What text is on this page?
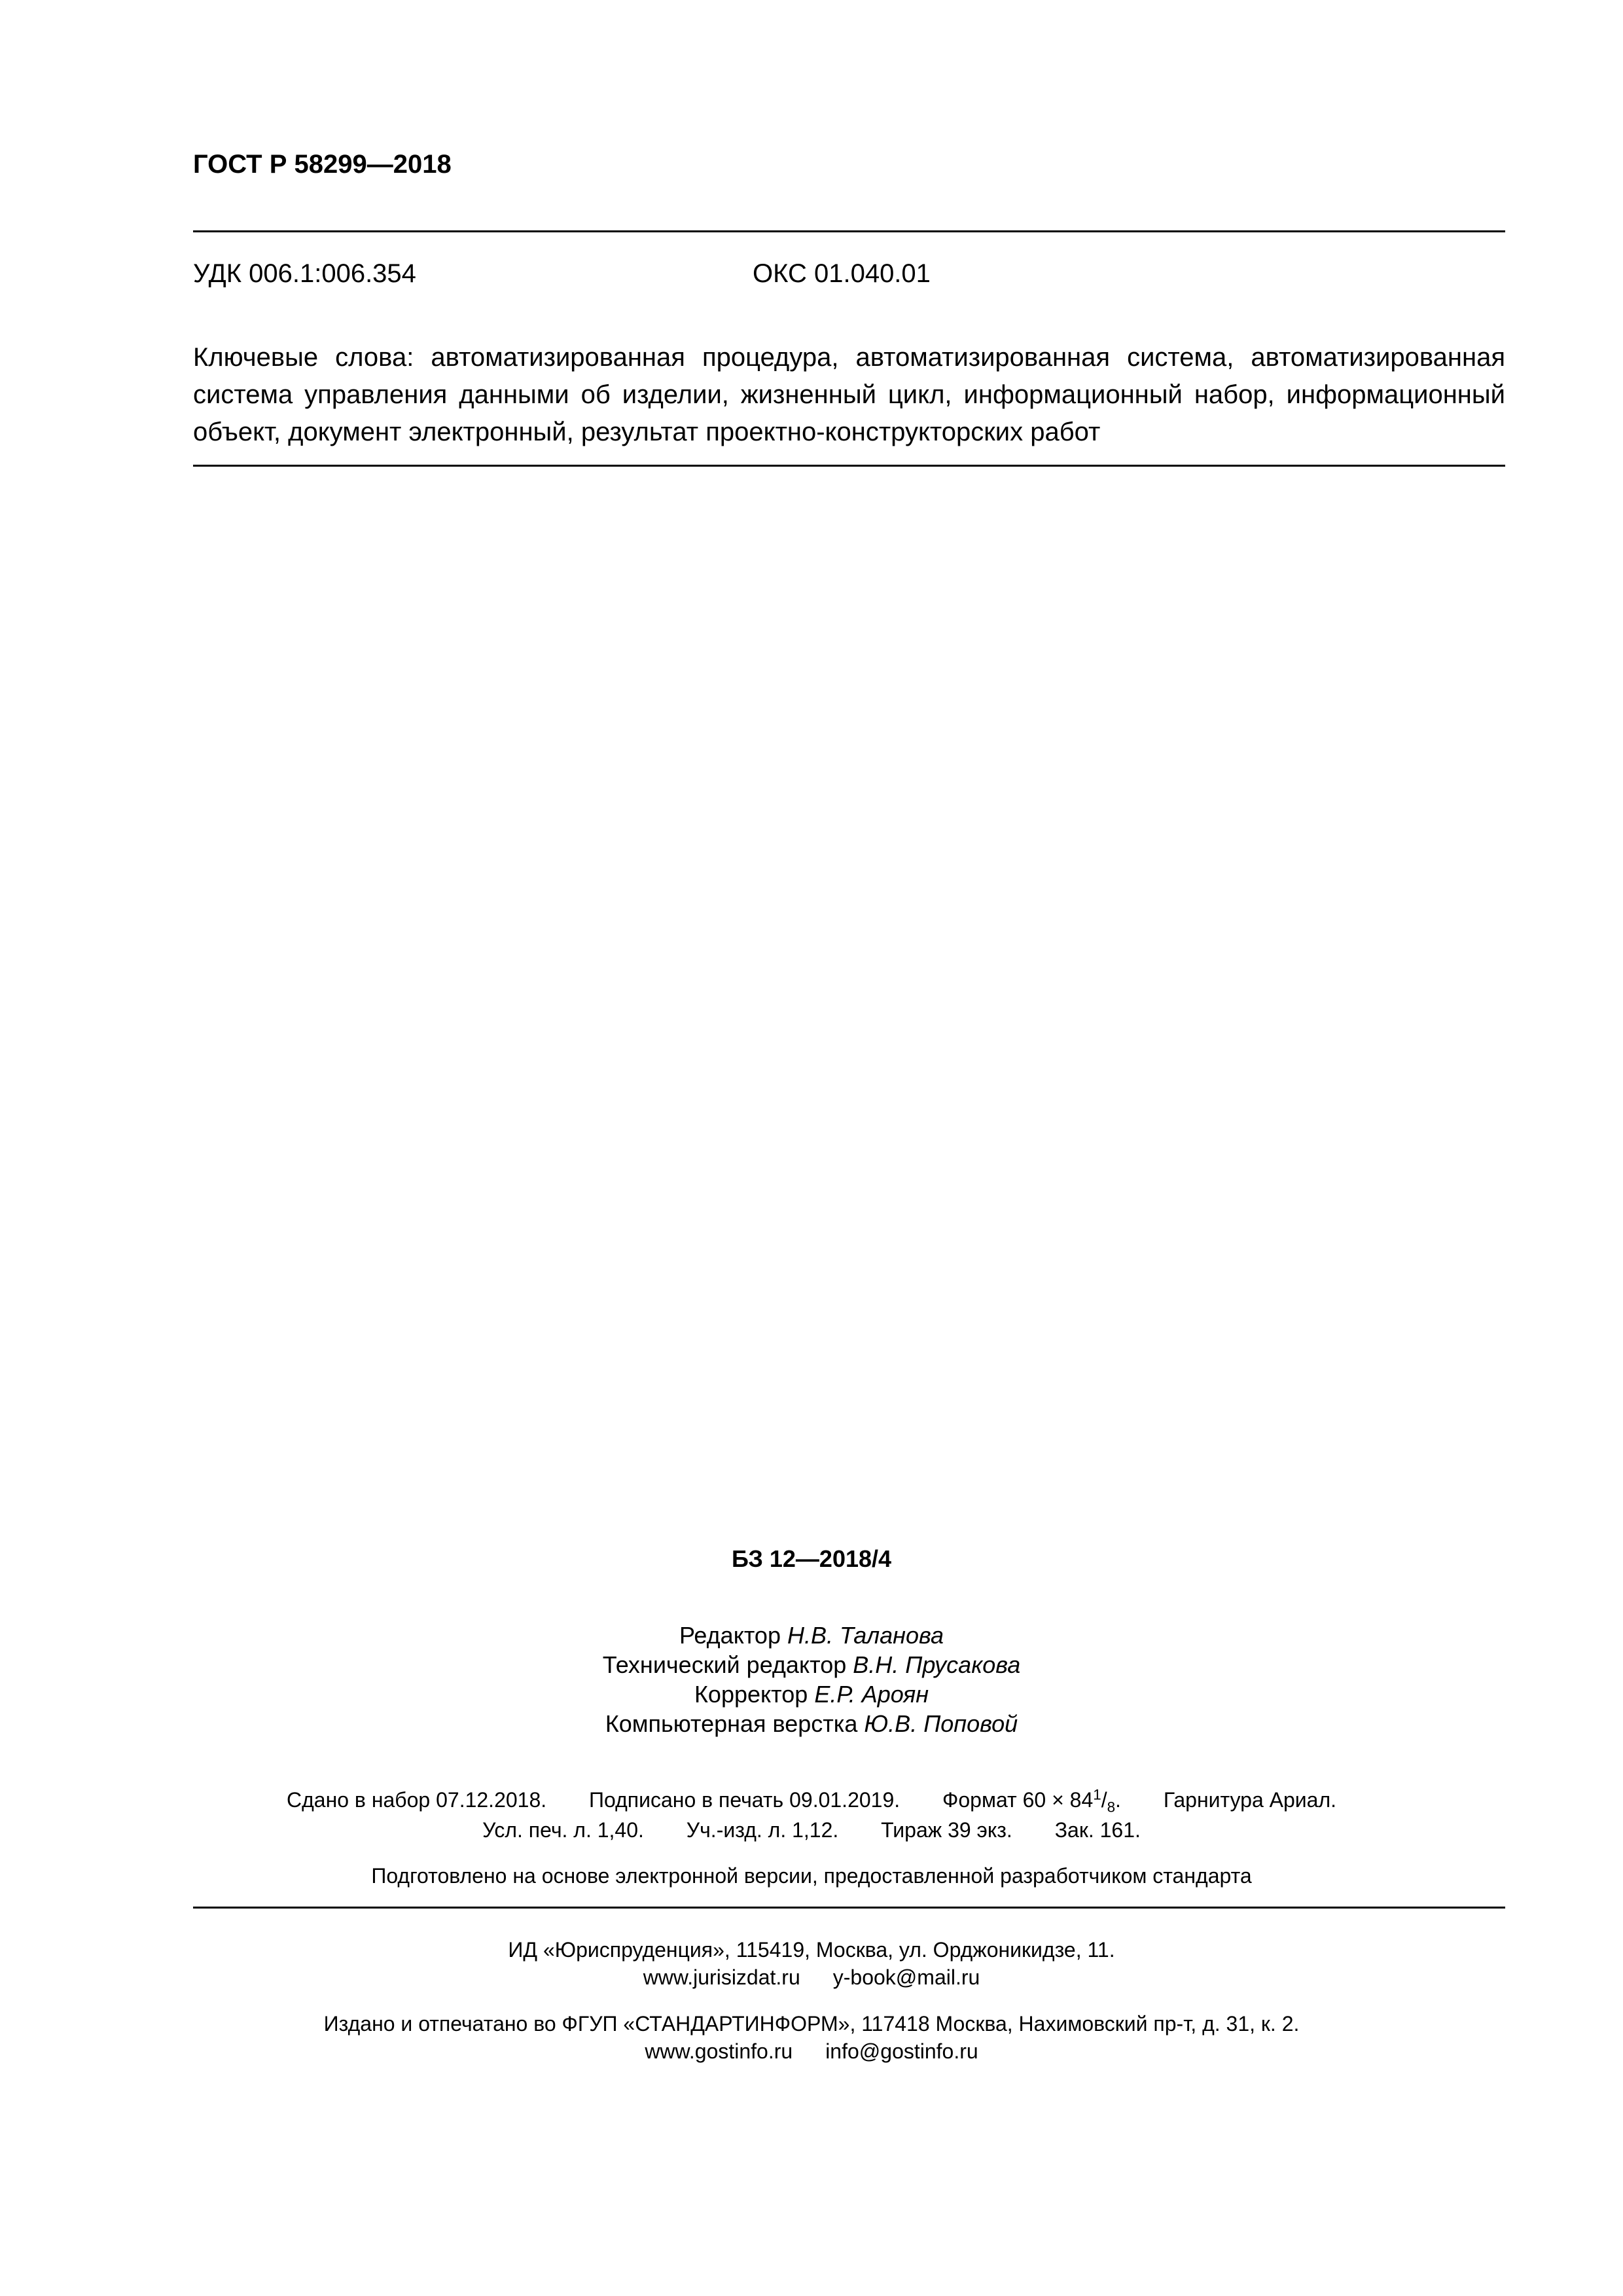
ГОСТ Р 58299—2018
УДК 006.1:006.354	ОКС 01.040.01
Ключевые слова: автоматизированная процедура, автоматизированная система, автоматизированная система управления данными об изделии, жизненный цикл, информационный набор, информационный объект, документ электронный, результат проектно-конструкторских работ
БЗ 12—2018/4
Редактор Н.В. Таланова
Технический редактор В.Н. Прусакова
Корректор Е.Р. Ароян
Компьютерная верстка Ю.В. Поповой
Сдано в набор 07.12.2018. Подписано в печать 09.01.2019. Формат $60 \times 84^1/_8$. Гарнитура Ариал.
Усл. печ. л. 1,40. Уч.-изд. л. 1,12. Тираж 39 экз. Зак. 161.
Подготовлено на основе электронной версии, предоставленной разработчиком стандарта
ИД «Юриспруденция», 115419, Москва, ул. Орджоникидзе, 11.
www.jurisizdat.ru y-book@mail.ru
Издано и отпечатано во ФГУП «СТАНДАРТИНФОРМ», 117418 Москва, Нахимовский пр-т, д. 31, к. 2.
www.gostinfo.ru info@gostinfo.ru
